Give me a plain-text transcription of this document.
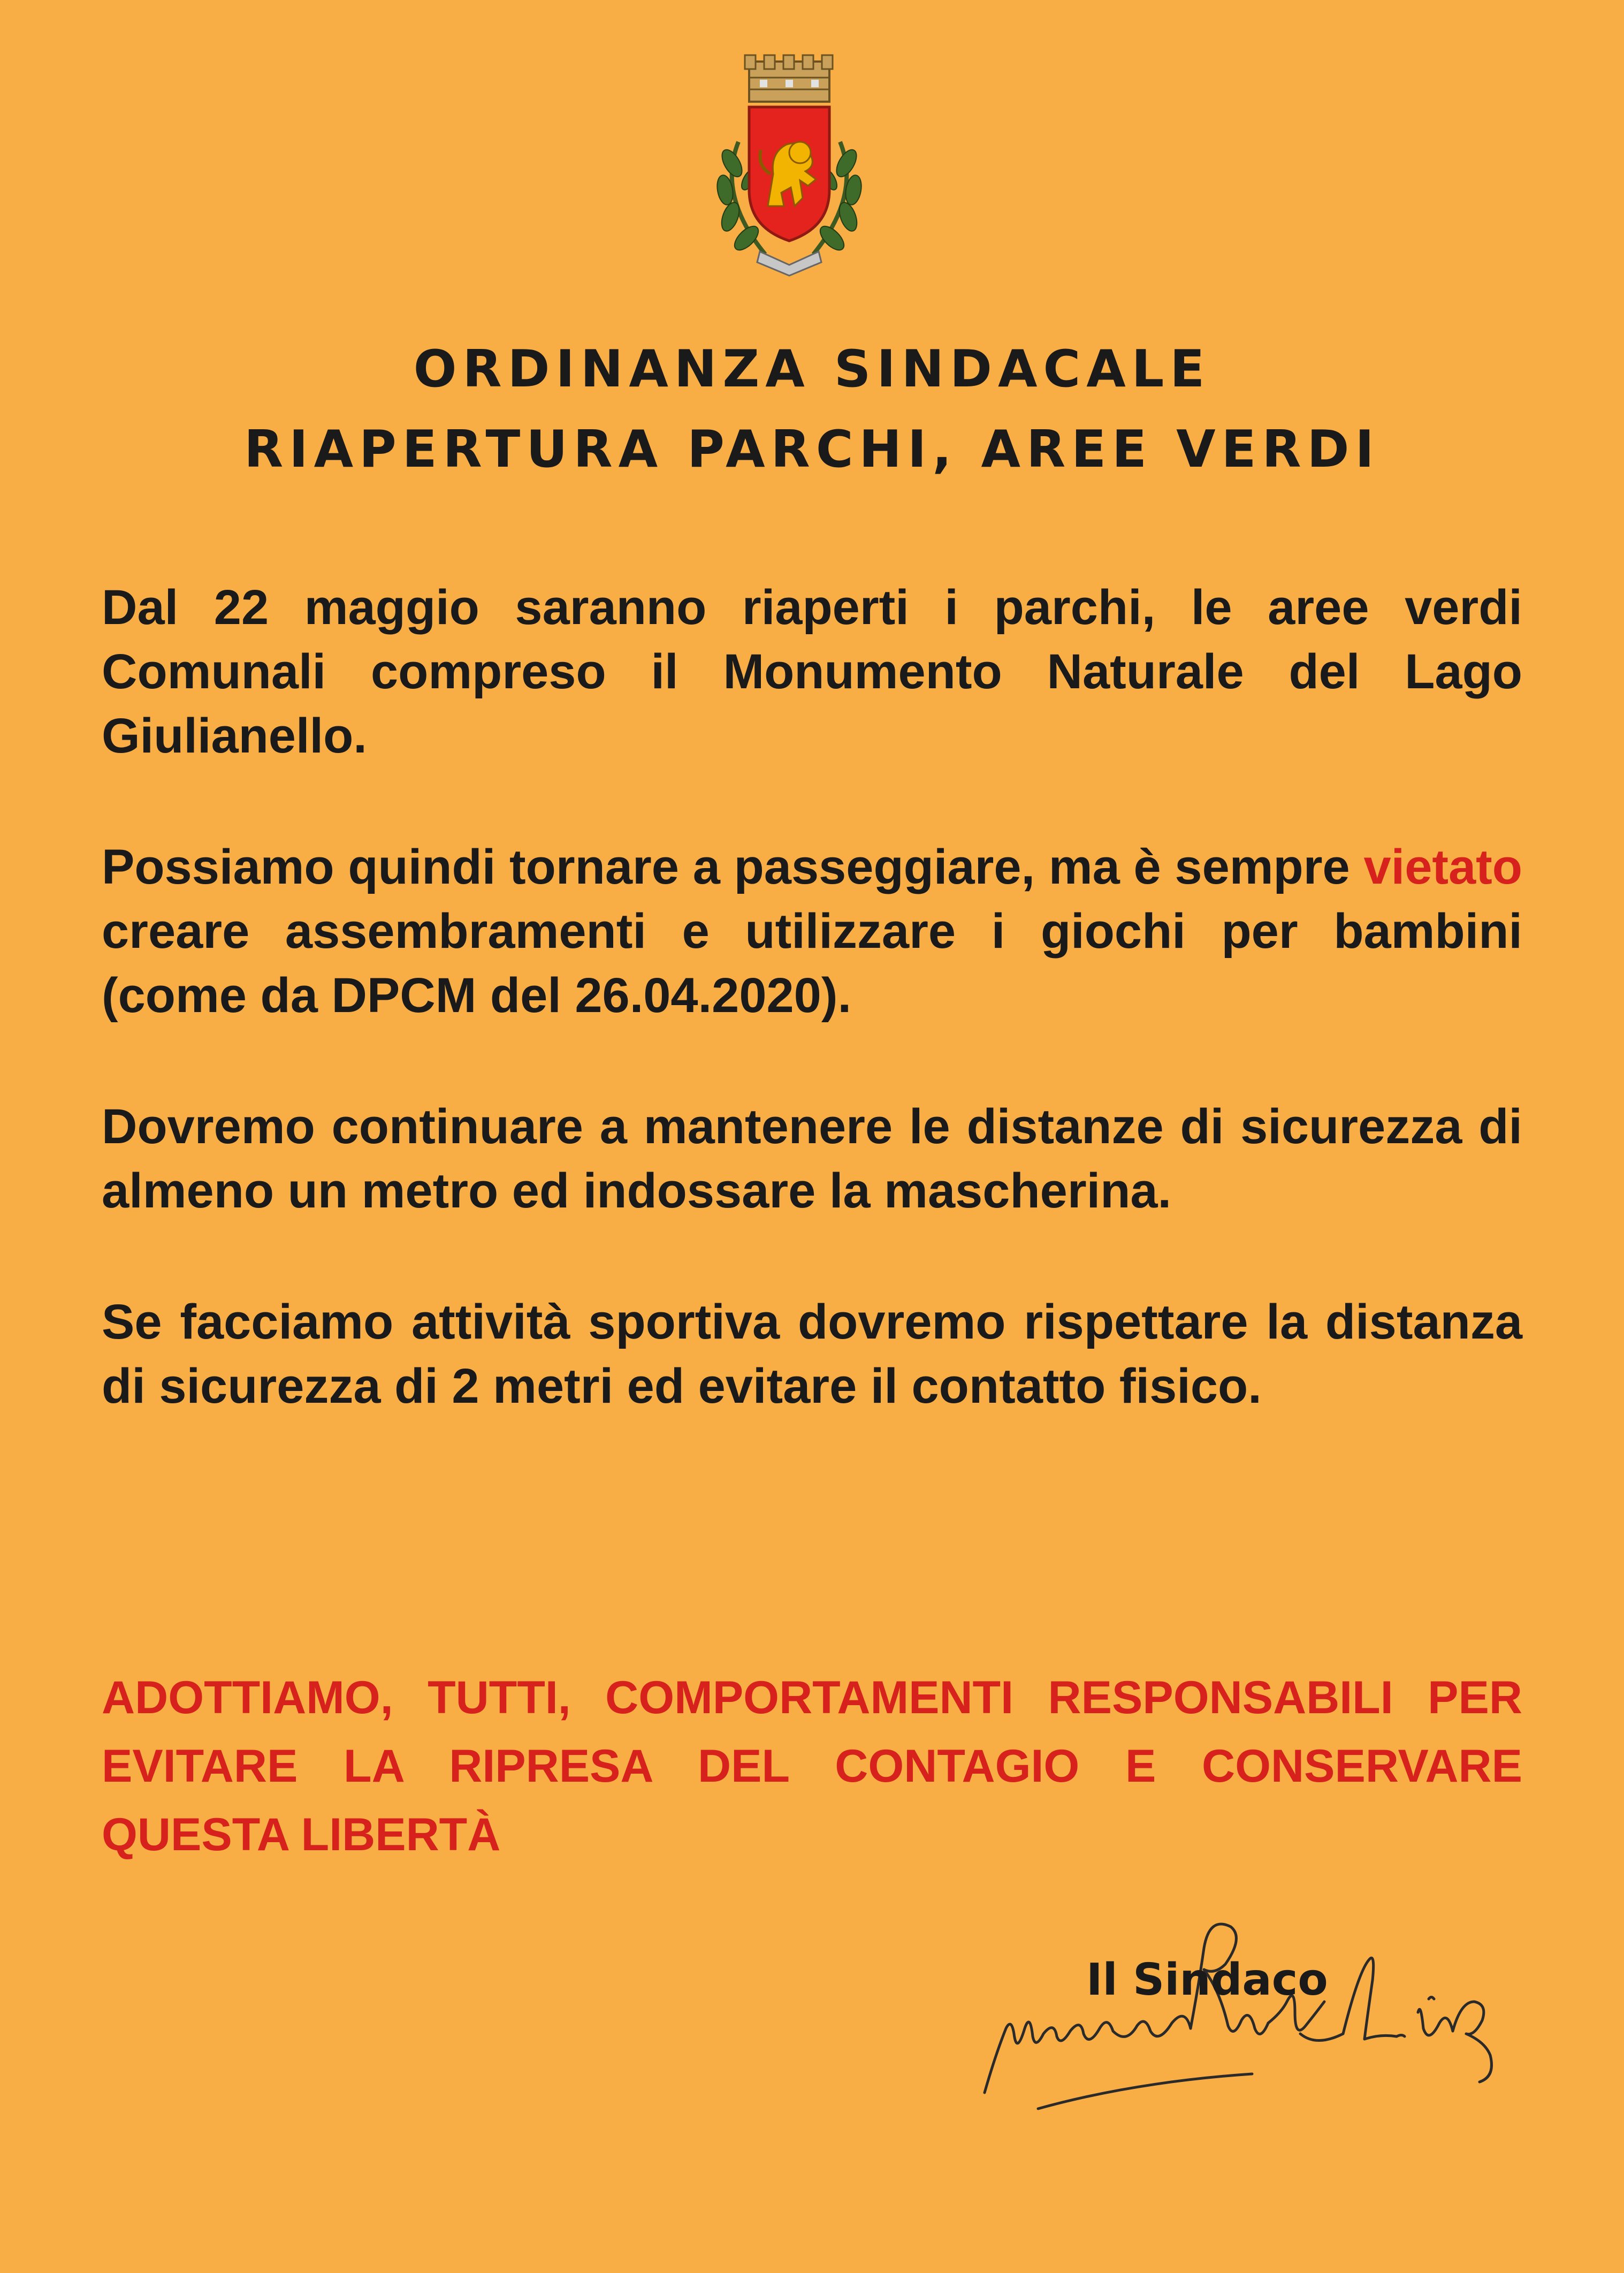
ORDINANZA SINDACALE
RIAPERTURA PARCHI, AREE VERDI

Dal 22 maggio saranno riaperti i parchi, le aree verdi Comunali compreso il Monumento Naturale del Lago Giulianello.

Possiamo quindi tornare a passeggiare, ma è sempre vietato creare assembramenti e utilizzare i giochi per bambini (come da DPCM del 26.04.2020).

Dovremo continuare a mantenere le distanze di sicurezza di almeno un metro ed indossare la mascherina.

Se facciamo attività sportiva dovremo rispettare la distanza di sicurezza di 2 metri ed evitare il contatto fisico.

ADOTTIAMO, TUTTI, COMPORTAMENTI RESPONSABILI PER EVITARE LA RIPRESA DEL CONTAGIO E CONSERVARE QUESTA LIBERTÀ

Il Sindaco
